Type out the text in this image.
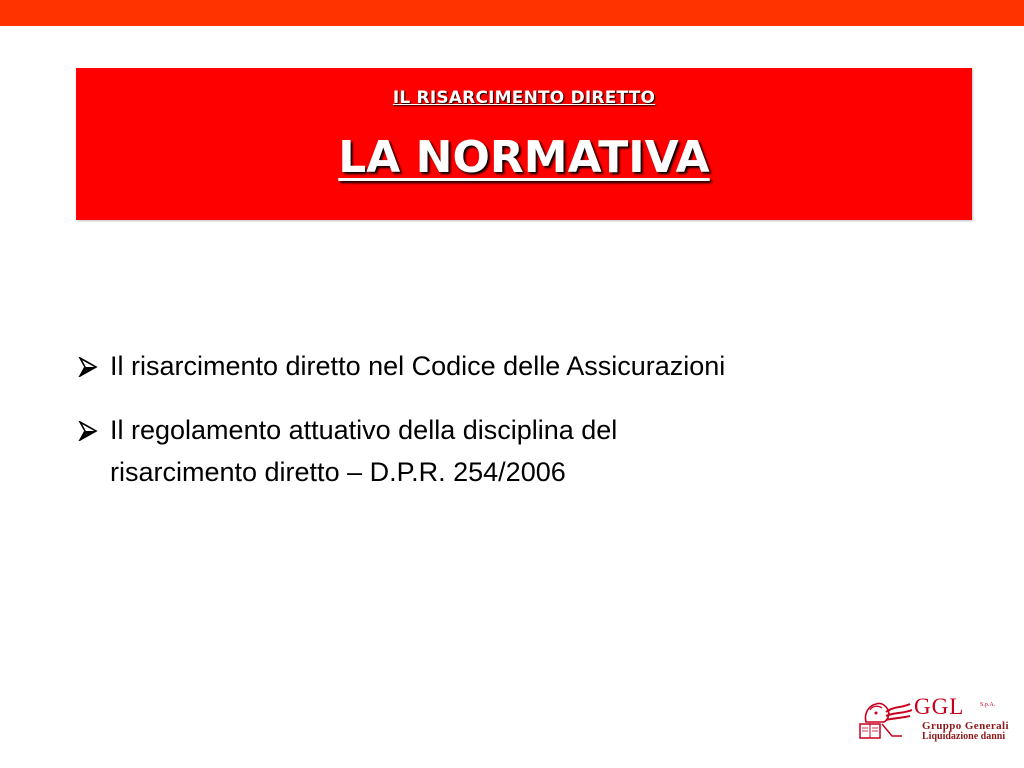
IL RISARCIMENTO DIRETTO
LA NORMATIVA
Il risarcimento diretto nel Codice delle Assicurazioni
Il regolamento attuativo della disciplina del
risarcimento diretto – D.P.R. 254/2006
GGL	S.p.A.
Gruppo Generali
Liquidazione danni
